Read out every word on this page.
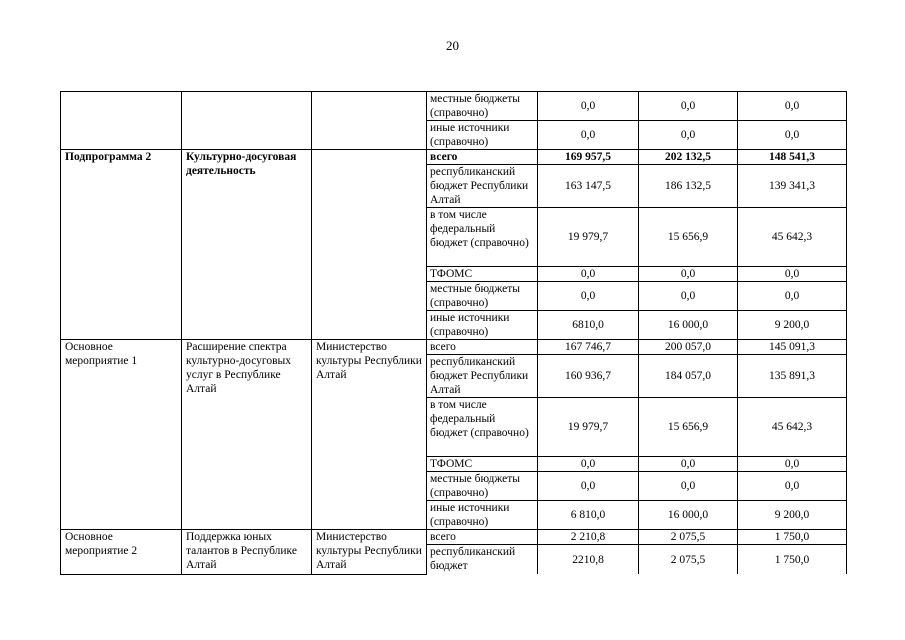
20
			местные бюджеты (справочно)	0,0	0,0	0,0
			иные источники (справочно)	0,0	0,0	0,0
Подпрограмма 2	Культурно-досуговая деятельность		всего	169 957,5	202 132,5	148 541,3
			республиканский бюджет Республики Алтай	163 147,5	186 132,5	139 341,3
			в том числе федеральный бюджет (справочно)	19 979,7	15 656,9	45 642,3
			ТФОМС	0,0	0,0	0,0
			местные бюджеты (справочно)	0,0	0,0	0,0
			иные источники (справочно)	6810,0	16 000,0	9 200,0
Основное мероприятие 1	Расширение спектра культурно-досуговых услуг в Республике Алтай	Министерство культуры Республики Алтай	всего	167 746,7	200 057,0	145 091,3
			республиканский бюджет Республики Алтай	160 936,7	184 057,0	135 891,3
			в том числе федеральный бюджет (справочно)	19 979,7	15 656,9	45 642,3
			ТФОМС	0,0	0,0	0,0
			местные бюджеты (справочно)	0,0	0,0	0,0
			иные источники (справочно)	6 810,0	16 000,0	9 200,0
Основное мероприятие 2	Поддержка юных талантов в Республике Алтай	Министерство культуры Республики Алтай	всего	2 210,8	2 075,5	1 750,0
			республиканский бюджет	2210,8	2 075,5	1 750,0
